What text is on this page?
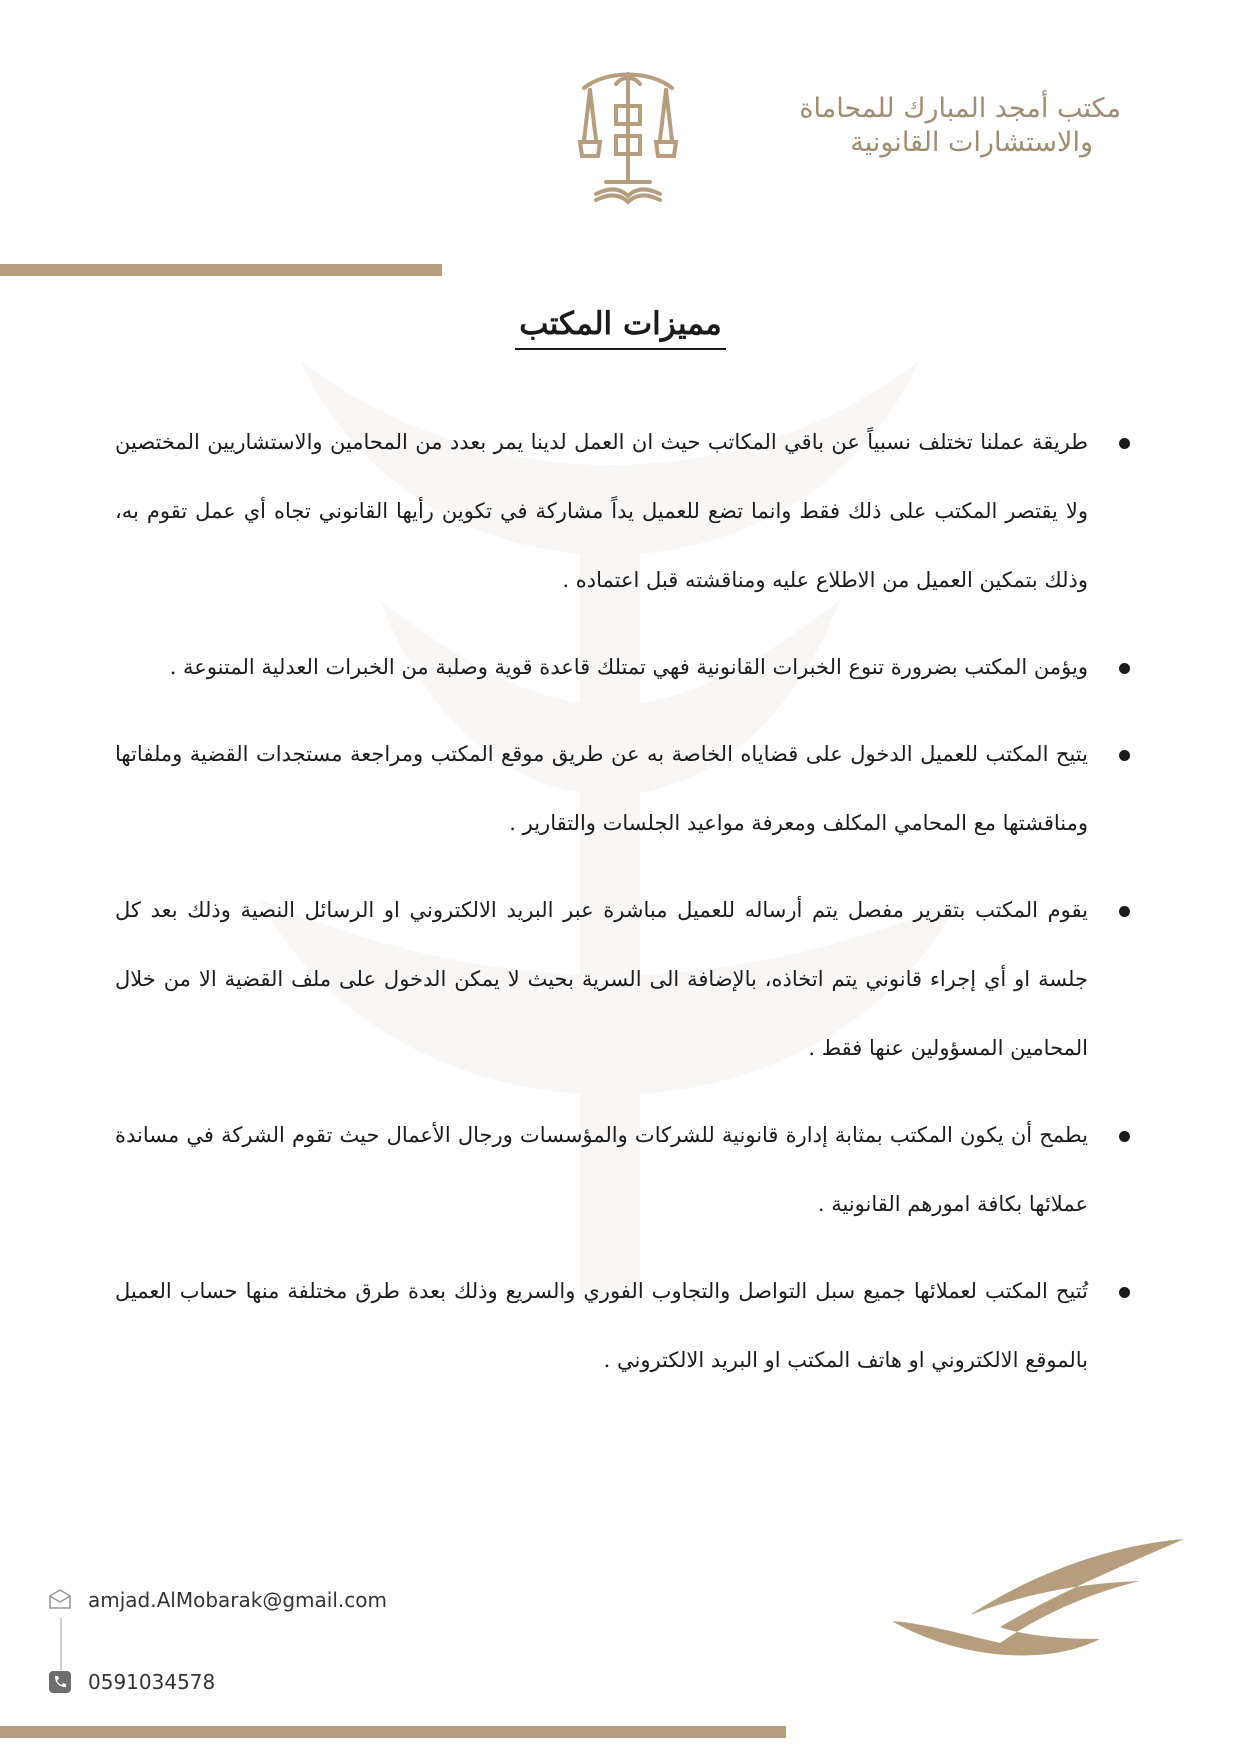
مكتب أمجد المبارك للمحاماة
والاستشارات القانونية
مميزات المكتب
طريقة عملنا تختلف نسبياً عن باقي المكاتب حيث ان العمل لدينا يمر بعدد من المحامين والاستشاريين المختصين ولا يقتصر المكتب على ذلك فقط وانما تضع للعميل يداً مشاركة في تكوين رأيها القانوني تجاه أي عمل تقوم به، وذلك بتمكين العميل من الاطلاع عليه ومناقشته قبل اعتماده .
ويؤمن المكتب بضرورة تنوع الخبرات القانونية فهي تمتلك قاعدة قوية وصلبة من الخبرات العدلية المتنوعة .
يتيح المكتب للعميل الدخول على قضاياه الخاصة به عن طريق موقع المكتب ومراجعة مستجدات القضية وملفاتها ومناقشتها مع المحامي المكلف ومعرفة مواعيد الجلسات والتقارير .
يقوم المكتب بتقرير مفصل يتم أرساله للعميل مباشرة عبر البريد الالكتروني او الرسائل النصية وذلك بعد كل جلسة او أي إجراء قانوني يتم اتخاذه، بالإضافة الى السرية بحيث لا يمكن الدخول على ملف القضية الا من خلال المحامين المسؤولين عنها فقط .
يطمح أن يكون المكتب بمثابة إدارة قانونية للشركات والمؤسسات ورجال الأعمال حيث تقوم الشركة في مساندة عملائها بكافة امورهم القانونية .
تُتيح المكتب لعملائها جميع سبل التواصل والتجاوب الفوري والسريع وذلك بعدة طرق مختلفة منها حساب العميل بالموقع الالكتروني او هاتف المكتب او البريد الالكتروني .
amjad.AlMobarak@gmail.com
0591034578
